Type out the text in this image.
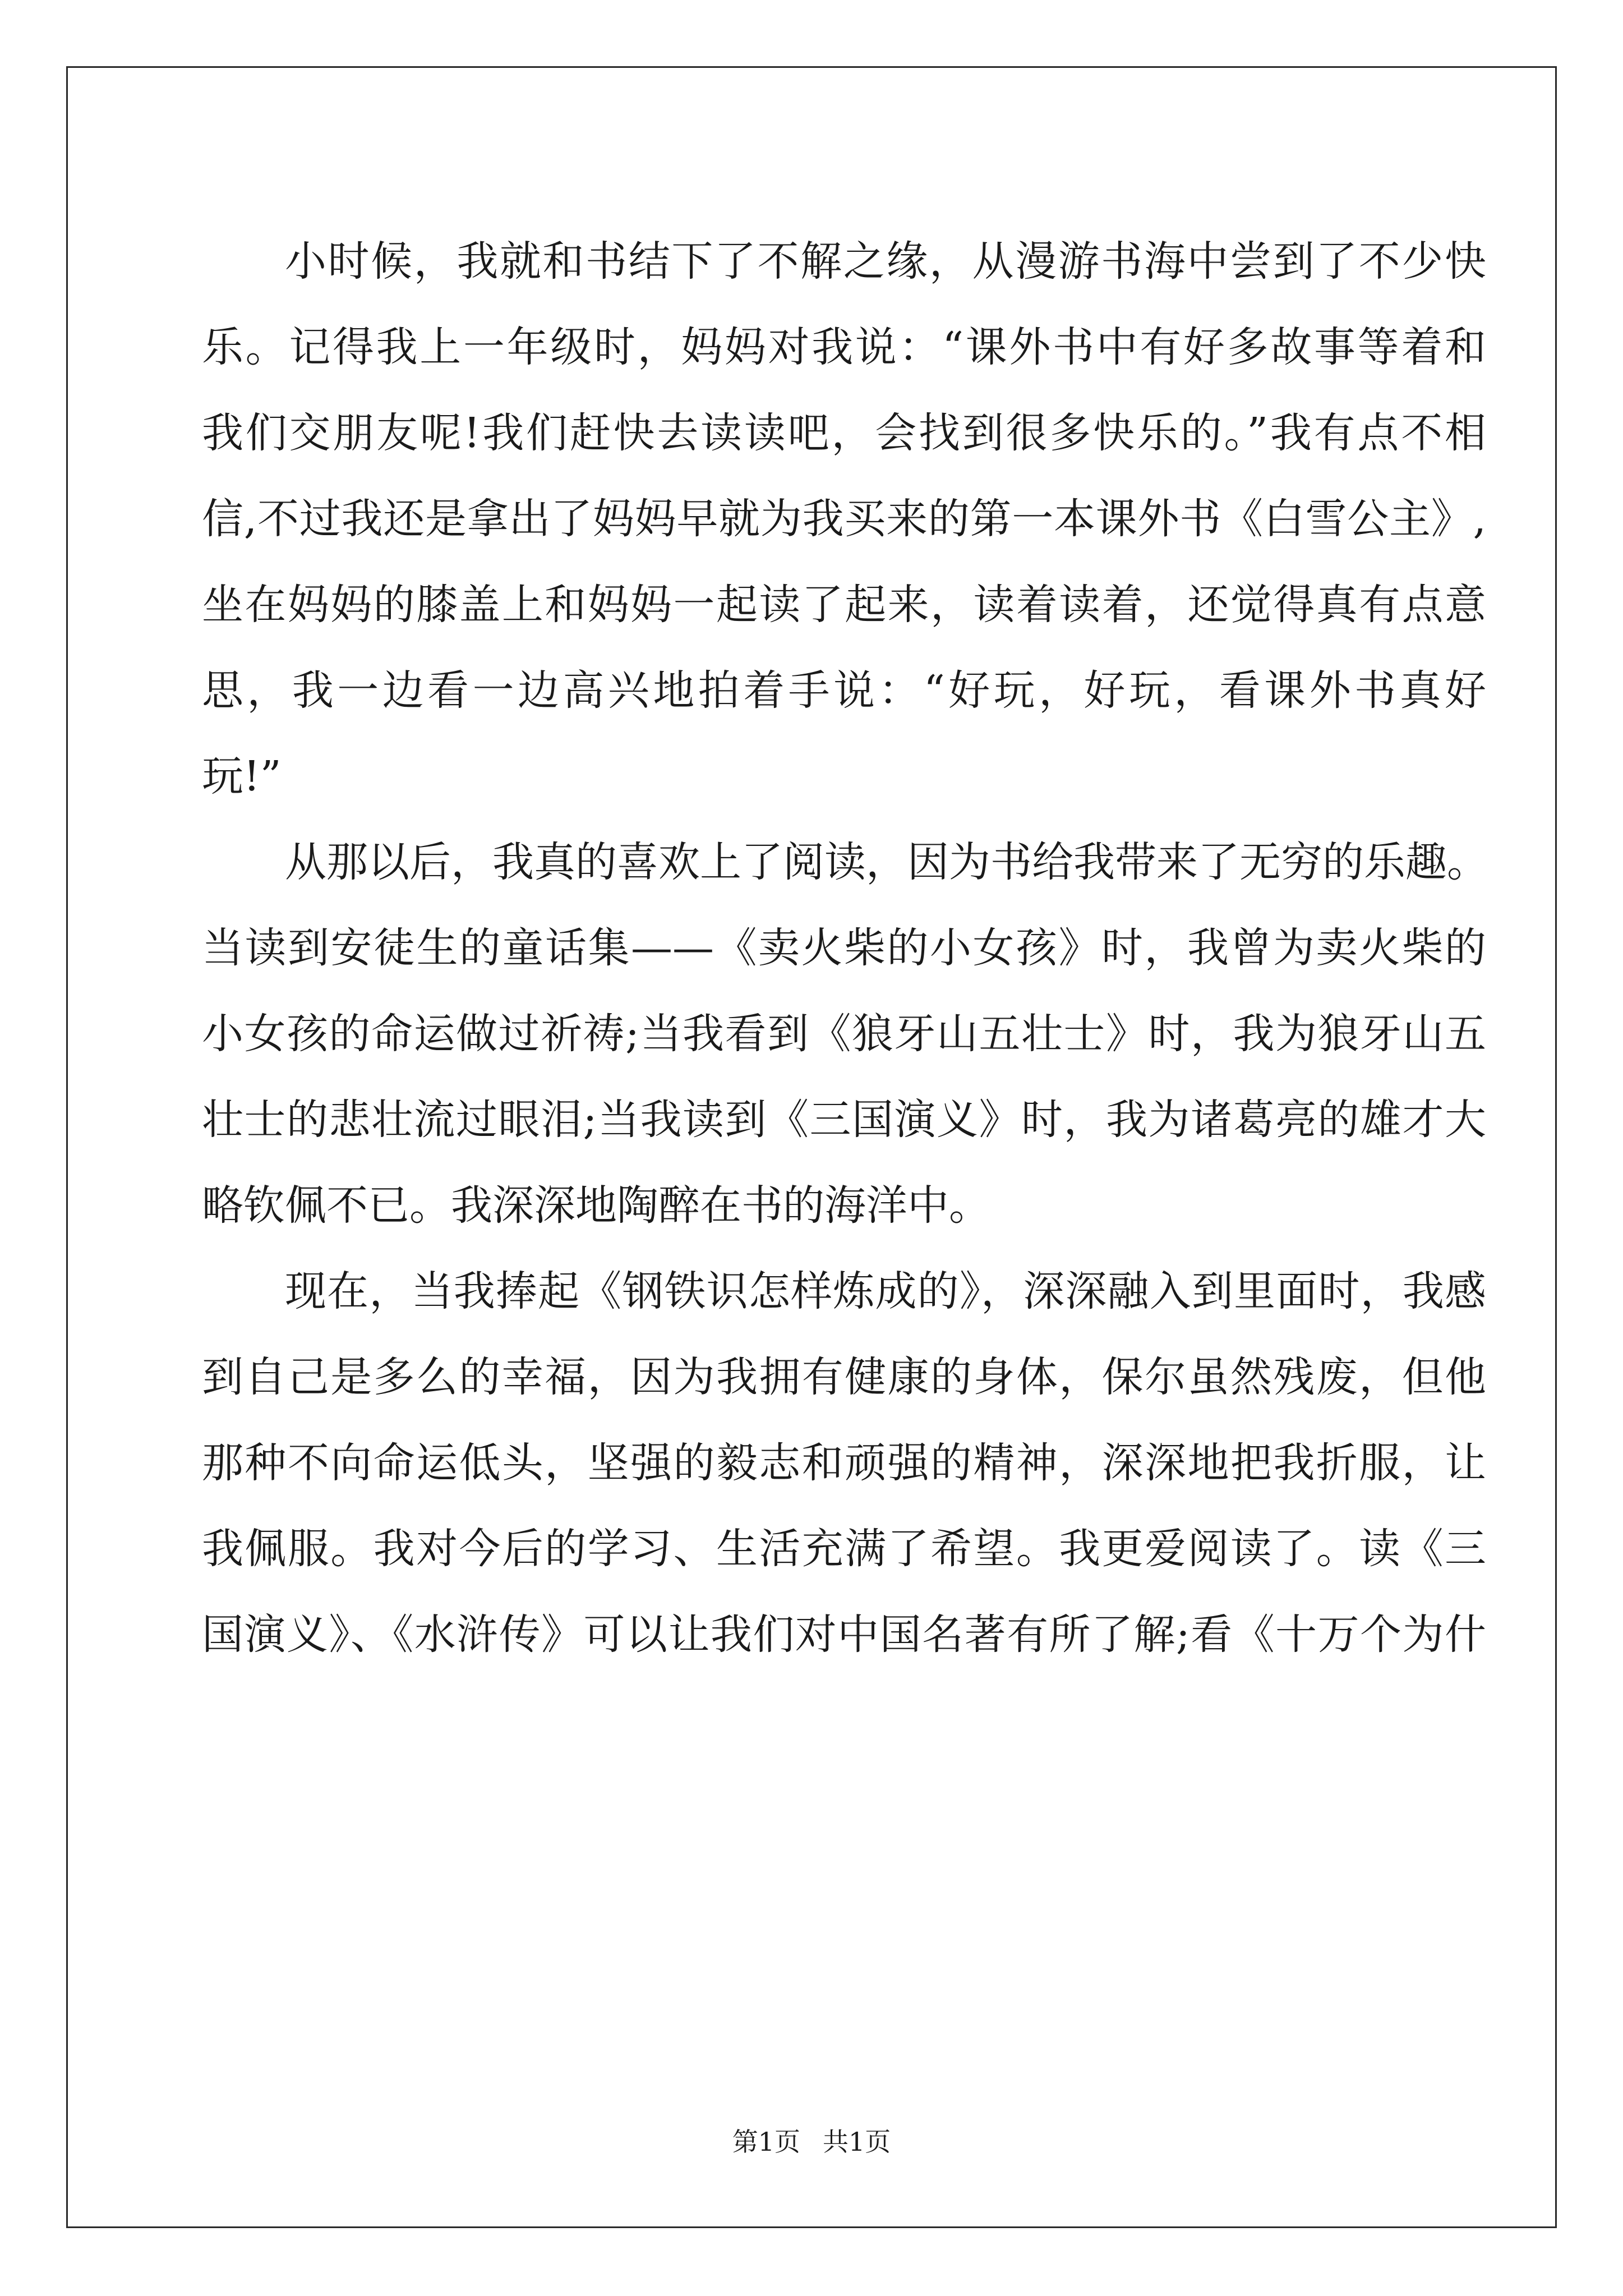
小时候，我就和书结下了不解之缘，从漫游书海中尝到了不少快
乐。记得我上一年级时，妈妈对我说：“课外书中有好多故事等着和
我们交朋友呢!我们赶快去读读吧，会找到很多快乐的。”我有点不相
信,不过我还是拿出了妈妈早就为我买来的第一本课外书《白雪公主》,
坐在妈妈的膝盖上和妈妈一起读了起来，读着读着，还觉得真有点意
思，我一边看一边高兴地拍着手说：“好玩，好玩，看课外书真好
玩!”
从那以后，我真的喜欢上了阅读，因为书给我带来了无穷的乐趣。
当读到安徒生的童话集——《卖火柴的小女孩》时，我曾为卖火柴的
小女孩的命运做过祈祷;当我看到《狼牙山五壮士》时，我为狼牙山五
壮士的悲壮流过眼泪;当我读到《三国演义》时，我为诸葛亮的雄才大
略钦佩不已。我深深地陶醉在书的海洋中。
现在，当我捧起《钢铁识怎样炼成的》，深深融入到里面时，我感
到自己是多么的幸福，因为我拥有健康的身体，保尔虽然残废，但他
那种不向命运低头，坚强的毅志和顽强的精神，深深地把我折服，让
我佩服。我对今后的学习、生活充满了希望。我更爱阅读了。读《三
国演义》、《水浒传》可以让我们对中国名著有所了解;看《十万个为什
第1页 共1页
